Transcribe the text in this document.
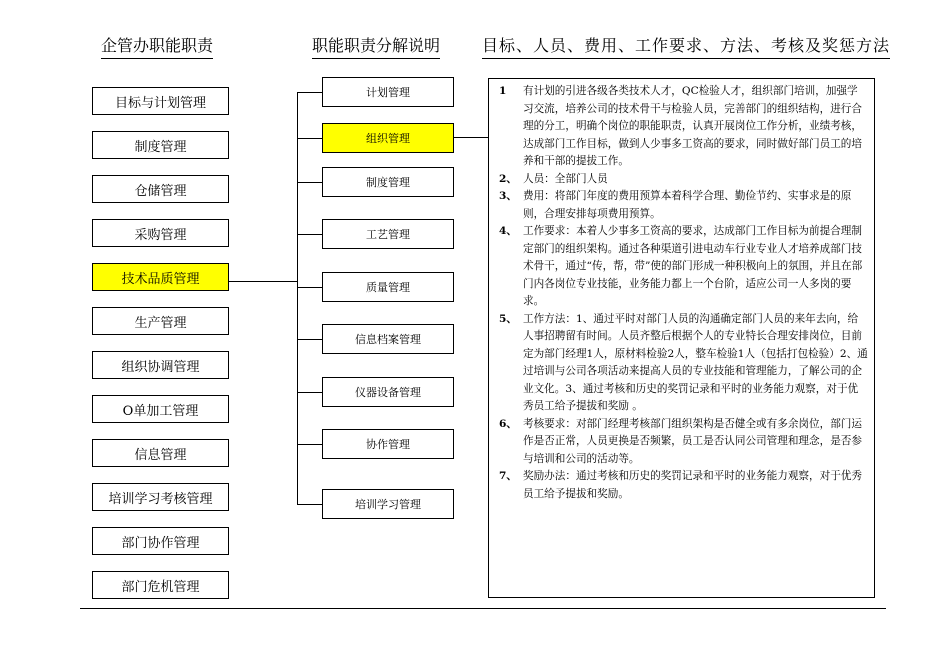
企管办职能职责	职能职责分解说明	目标、人员、费用、工作要求、方法、考核及奖惩方法
目标与计划管理
制度管理
仓储管理
采购管理
技术品质管理
生产管理
组织协调管理
O单加工管理
信息管理
培训学习考核管理
部门协作管理
部门危机管理
计划管理
组织管理
制度管理
工艺管理
质量管理
信息档案管理
仪器设备管理
协作管理
培训学习管理
1	有计划的引进各级各类技术人才，QC检验人才，组织部门培训，加强学习交流，培养公司的技术骨干与检验人员，完善部门的组织结构，进行合理的分工，明确个岗位的职能职责，认真开展岗位工作分析，业绩考核，达成部门工作目标，做到人少事多工资高的要求，同时做好部门员工的培养和干部的提拔工作。
2、 人员：全部门人员
3、 费用：将部门年度的费用预算本着科学合理、勤俭节约、实事求是的原则，合理安排每项费用预算。
4、 工作要求：本着人少事多工资高的要求，达成部门工作目标为前提合理制定部门的组织架构。通过各种渠道引进电动车行业专业人才培养成部门技术骨干，通过“传，帮，带”使的部门形成一种积极向上的氛围，并且在部门内各岗位专业技能，业务能力都上一个台阶，适应公司一人多岗的要求。
5、 工作方法：1、通过平时对部门人员的沟通确定部门人员的来年去向，给人事招聘留有时间。人员齐整后根据个人的专业特长合理安排岗位，目前定为部门经理1人，原材料检验2人，整车检验1人（包括打包检验）2、通过培训与公司各项活动来提高人员的专业技能和管理能力，了解公司的企业文化。3、通过考核和历史的奖罚记录和平时的业务能力观察，对于优秀员工给予提拔和奖励 。
6、 考核要求：对部门经理考核部门组织架构是否健全或有多余岗位，部门运作是否正常，人员更换是否频繁，员工是否认同公司管理和理念，是否参与培训和公司的活动等。
7、 奖励办法：通过考核和历史的奖罚记录和平时的业务能力观察，对于优秀员工给予提拔和奖励。
